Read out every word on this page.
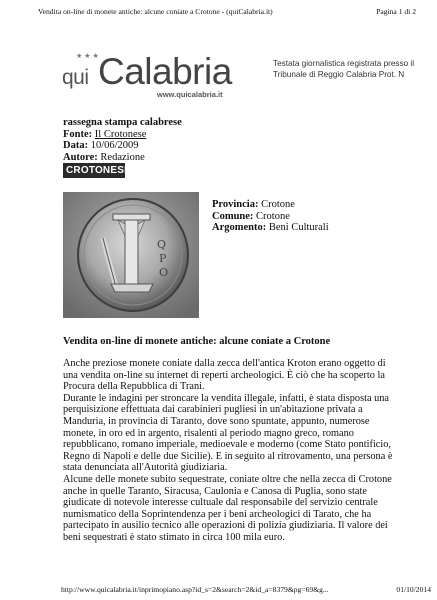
Vendita on-line di monete antiche: alcune coniate a Crotone - (quiCalabria.it)	Pagina 1 di 2
★★★
qui Calabria
www.quicalabria.it
Testata giornalistica registrata presso il Tribunale di Reggio Calabria Prot. N
rassegna stampa calabrese
Fonte: Il Crotonese
Data: 10/06/2009
Autore: Redazione
CROTONESE.it
Q
P
O
Provincia: Crotone
Comune: Crotone
Argomento: Beni Culturali
Vendita on-line di monete antiche: alcune coniate a Crotone

Anche preziose monete coniate dalla zecca dell'antica Kroton erano oggetto di una vendita on-line su internet di reperti archeologici. È ciò che ha scoperto la Procura della Repubblica di Trani.

Durante le indagini per stroncare la vendita illegale, infatti, è stata disposta una perquisizione effettuata dai carabinieri pugliesi in un'abitazione privata a Manduria, in provincia di Taranto, dove sono spuntate, appunto, numerose monete, in oro ed in argento, risalenti al periodo magno greco, romano repubblicano, romano imperiale, medioevale e moderno (come Stato pontificio, Regno di Napoli e delle due Sicilie). E in seguito al ritrovamento, una persona è stata denunciata all'Autorità giudiziaria.

Alcune delle monete subito sequestrate, coniate oltre che nella zecca di Crotone anche in quelle Taranto, Siracusa, Caulonia e Canosa di Puglia, sono state giudicate di notevole interesse cultuale dal responsabile del servizio centrale numismatico della Soprintendenza per i beni archeologici di Tarato, che ha partecipato in ausilio tecnico alle operazioni di polizia giudiziaria. Il valore dei beni sequestrati è stato stimato in circa 100 mila euro.

http://www.quicalabria.it/inprimopiano.asp?id_s=2&search=2&id_a=8379&pg=69&g...	01/10/2014
